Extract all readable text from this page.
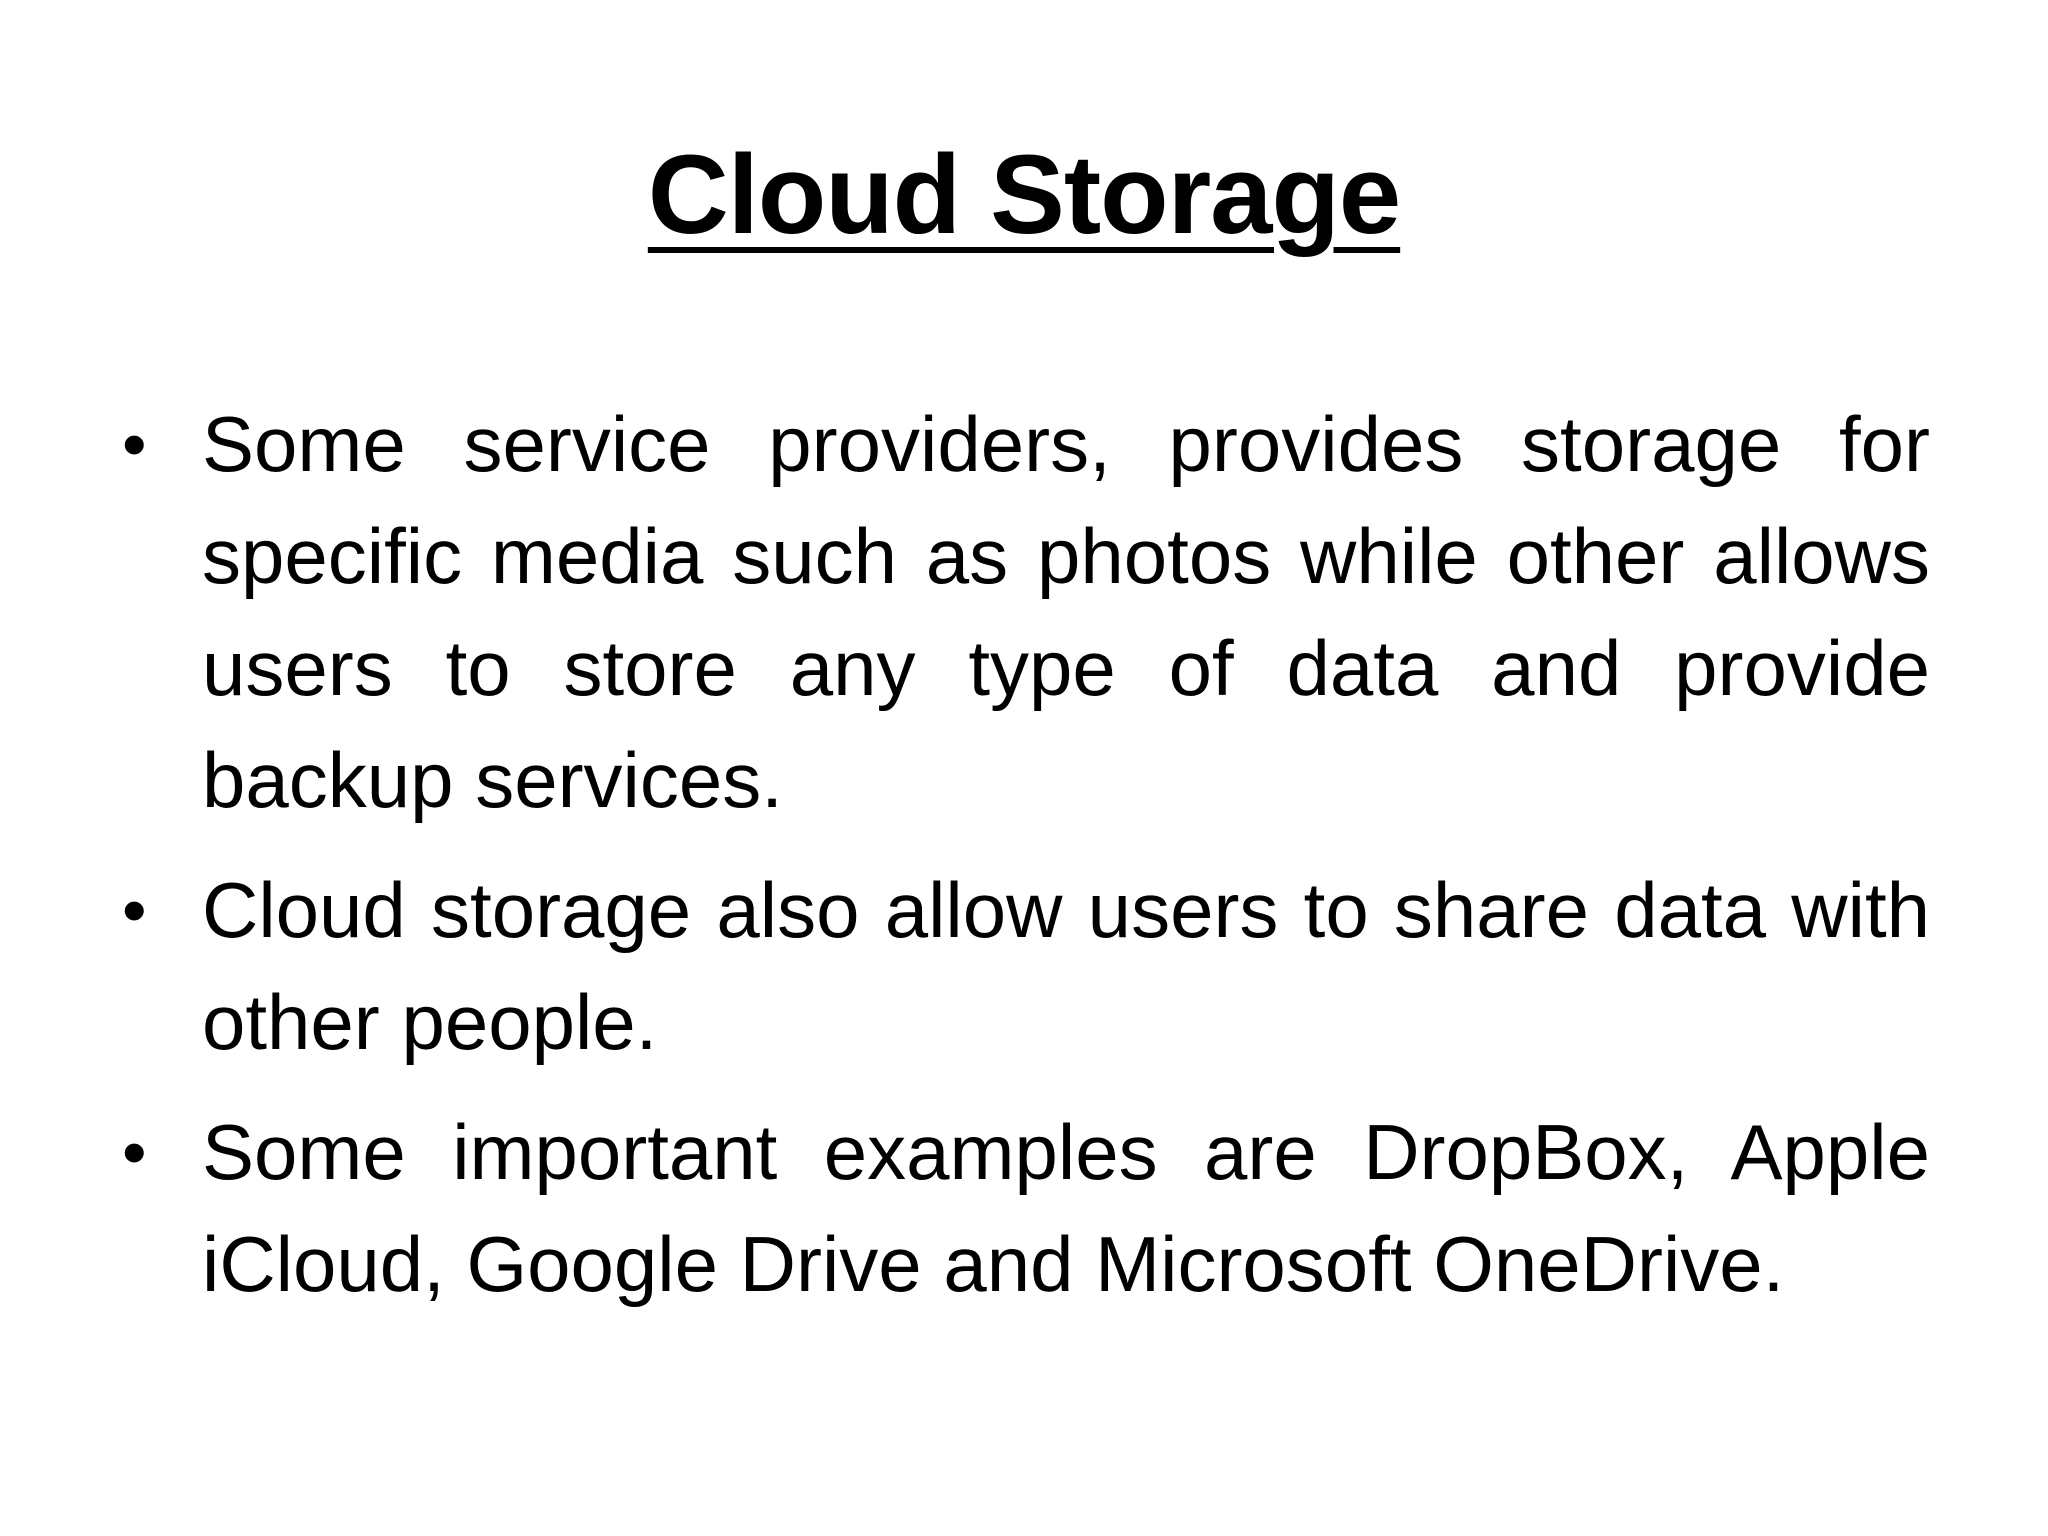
Cloud Storage
• Some service providers, provides storage for specific media such as photos while other allows users to store any type of data and provide backup services.
• Cloud storage also allow users to share data with other people.
• Some important examples are DropBox, Apple iCloud, Google Drive and Microsoft OneDrive.
